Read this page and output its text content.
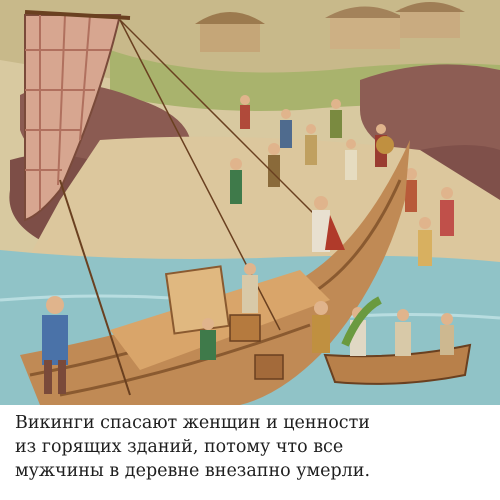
Викинги спасают женщин и ценности
из горящих зданий, потому что все
мужчины в деревне внезапно умерли.
